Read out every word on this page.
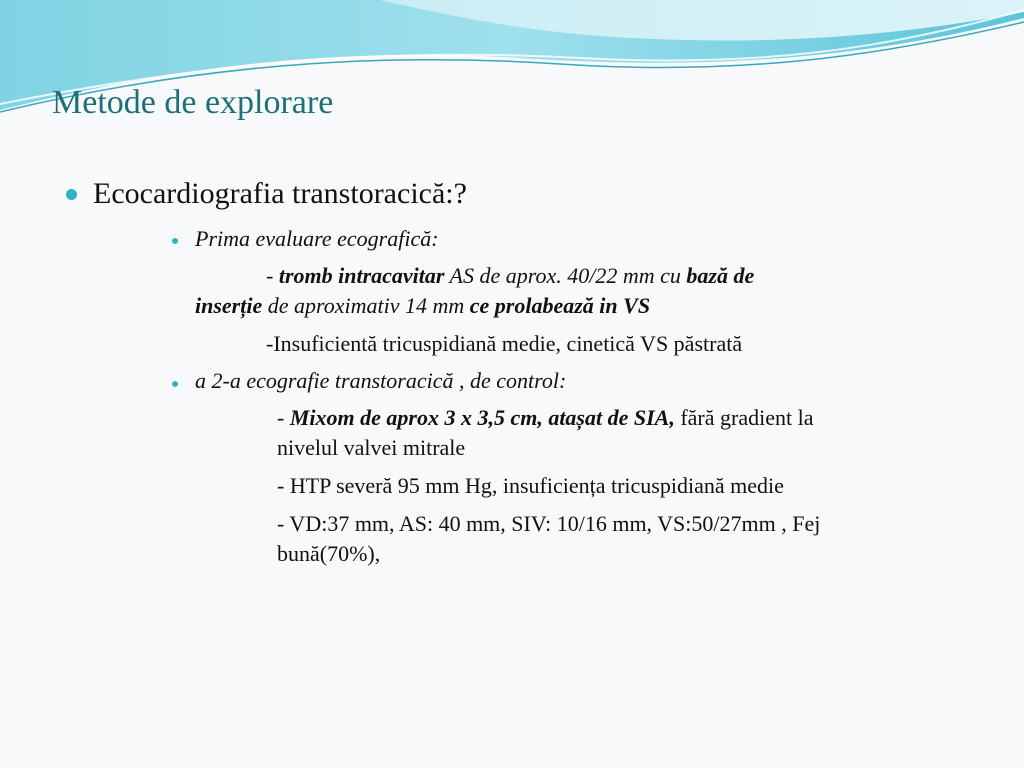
Metode de explorare
Ecocardiografia transtoracică:?
Prima evaluare ecografică:
- tromb intracavitar AS de aprox. 40/22 mm cu bază de
inserție de aproximativ 14 mm ce prolabează in VS
-Insuficientă tricuspidiană medie, cinetică VS păstrată
a 2-a ecografie transtoracică , de control:
- Mixom de aprox 3 x 3,5 cm, atașat de SIA, fără gradient la
nivelul valvei mitrale
- HTP severă 95 mm Hg, insuficiența tricuspidiană medie
- VD:37 mm, AS: 40 mm, SIV: 10/16 mm, VS:50/27mm , Fej
bună(70%),
